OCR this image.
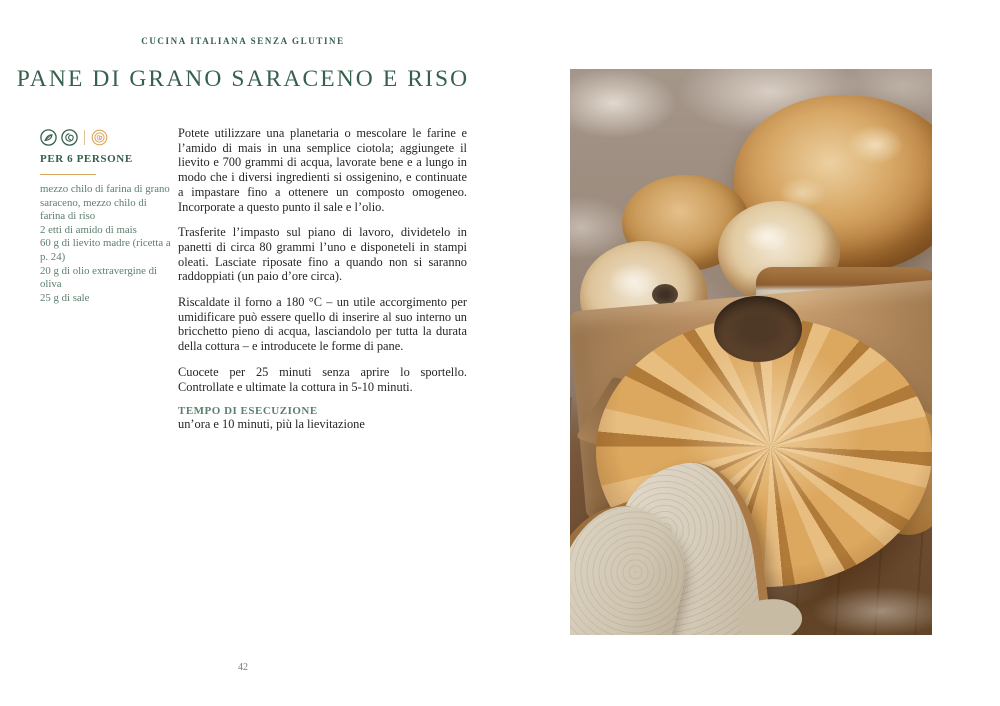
CUCINA ITALIANA SENZA GLUTINE
PANE DI GRANO SARACENO E RISO
PER 6 PERSONE
mezzo chilo di farina di grano saraceno, mezzo chilo di farina di riso
2 etti di amido di mais
60 g di lievito madre (ricetta a p. 24)
20 g di olio extravergine di oliva
25 g di sale

Potete utilizzare una planetaria o mescolare le farine e l’amido di mais in una semplice ciotola; aggiungete il lievito e 700 grammi di acqua, lavorate bene e a lungo in modo che i diversi ingredienti si ossigenino, e continuate a impastare fino a ottenere un composto omogeneo. Incorporate a questo punto il sale e l’olio.

Trasferite l’impasto sul piano di lavoro, dividetelo in panetti di circa 80 grammi l’uno e disponeteli in stampi oleati. Lasciate riposate fino a quando non si saranno raddoppiati (un paio d’ore circa).

Riscaldate il forno a 180 °C – un utile accorgimento per umidificare può essere quello di inserire al suo interno un bricchetto pieno di acqua, lasciandolo per tutta la durata della cottura – e introducete le forme di pane.

Cuocete per 25 minuti senza aprire lo sportello. Controllate e ultimate la cottura in 5-10 minuti.

TEMPO DI ESECUZIONE
un’ora e 10 minuti, più la lievitazione
42
